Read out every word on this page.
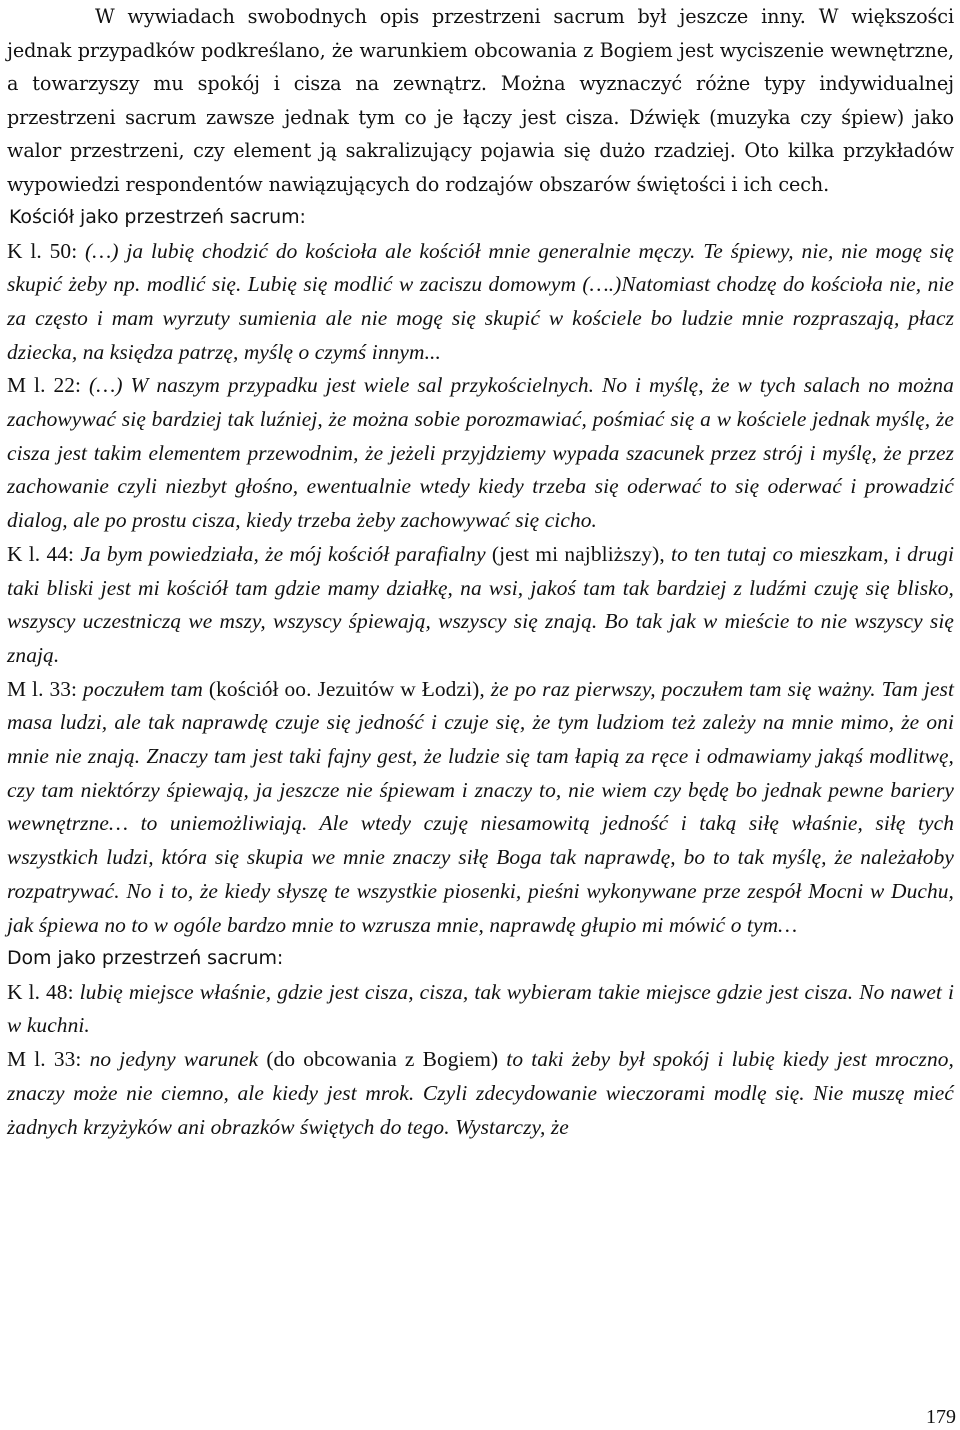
W wywiadach swobodnych opis przestrzeni sacrum był jeszcze inny. W większości jednak przypadków podkreślano, że warunkiem obcowania z Bogiem jest wyciszenie wewnętrzne, a towarzyszy mu spokój i cisza na zewnątrz. Można wyznaczyć różne typy indywidualnej przestrzeni sacrum zawsze jednak tym co je łączy jest cisza. Dźwięk (muzyka czy śpiew) jako walor przestrzeni, czy element ją sakralizujący pojawia się dużo rzadziej. Oto kilka przykładów wypowiedzi respondentów nawiązujących do rodzajów obszarów świętości i ich cech.

Kościół jako przestrzeń sacrum:

K l. 50: (…) ja lubię chodzić do kościoła ale kościół mnie generalnie męczy. Te śpiewy, nie, nie mogę się skupić żeby np. modlić się. Lubię się modlić w zaciszu domowym (….)Natomiast chodzę do kościoła nie, nie za często i mam wyrzuty sumienia ale nie mogę się skupić w kościele bo ludzie mnie rozpraszają, płacz dziecka, na księdza patrzę, myślę o czymś innym...

M l. 22: (…) W naszym przypadku jest wiele sal przykościelnych. No i myślę, że w tych salach no można zachowywać się bardziej tak luźniej, że można sobie porozmawiać, pośmiać się a w kościele jednak myślę, że cisza jest takim elementem przewodnim, że jeżeli przyjdziemy wypada szacunek przez strój i myślę, że przez zachowanie czyli niezbyt głośno, ewentualnie wtedy kiedy trzeba się oderwać to się oderwać i prowadzić dialog, ale po prostu cisza, kiedy trzeba żeby zachowywać się cicho.

K l. 44: Ja bym powiedziała, że mój kościół parafialny (jest mi najbliższy), to ten tutaj co mieszkam, i drugi taki bliski jest mi kościół tam gdzie mamy działkę, na wsi, jakoś tam tak bardziej z ludźmi czuję się blisko, wszyscy uczestniczą we mszy, wszyscy śpiewają, wszyscy się znają. Bo tak jak w mieście to nie wszyscy się znają.

M l. 33: poczułem tam (kościół oo. Jezuitów w Łodzi), że po raz pierwszy, poczułem tam się ważny. Tam jest masa ludzi, ale tak naprawdę czuje się jedność i czuje się, że tym ludziom też zależy na mnie mimo, że oni mnie nie znają. Znaczy tam jest taki fajny gest, że ludzie się tam łapią za ręce i odmawiamy jakąś modlitwę, czy tam niektórzy śpiewają, ja jeszcze nie śpiewam i znaczy to, nie wiem czy będę bo jednak pewne bariery wewnętrzne… to uniemożliwiają. Ale wtedy czuję niesamowitą jedność i taką siłę właśnie, siłę tych wszystkich ludzi, która się skupia we mnie znaczy siłę Boga tak naprawdę, bo to tak myślę, że należałoby rozpatrywać. No i to, że kiedy słyszę te wszystkie piosenki, pieśni wykonywane prze zespół Mocni w Duchu, jak śpiewa no to w ogóle bardzo mnie to wzrusza mnie, naprawdę głupio mi mówić o tym…

Dom jako przestrzeń sacrum:

K l. 48: lubię miejsce właśnie, gdzie jest cisza, cisza, tak wybieram takie miejsce gdzie jest cisza. No nawet i w kuchni.

M l. 33: no jedyny warunek (do obcowania z Bogiem) to taki żeby był spokój i lubię kiedy jest mroczno, znaczy może nie ciemno, ale kiedy jest mrok. Czyli zdecydowanie wieczorami modlę się. Nie muszę mieć żadnych krzyżyków ani obrazków świętych do tego. Wystarczy, że

179
